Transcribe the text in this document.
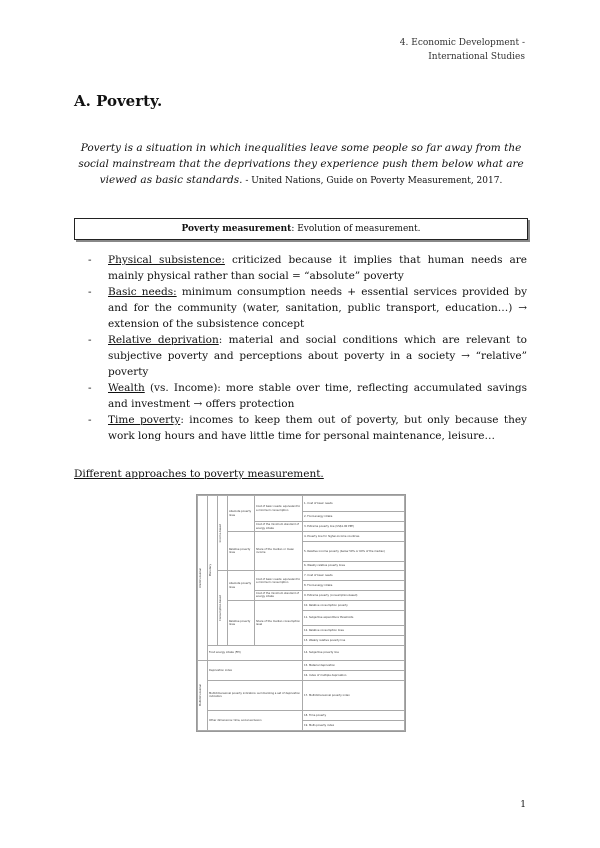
4. Economic Development -
International Studies
A. Poverty.
Poverty is a situation in which inequalities leave some people so far away from the social mainstream that the deprivations they experience push them below what are viewed as basic standards. - United Nations, Guide on Poverty Measurement, 2017.
Poverty measurement: Evolution of measurement.
- Physical subsistence: criticized because it implies that human needs are mainly physical rather than social = “absolute” poverty
- Basic needs: minimum consumption needs + essential services provided by and for the community (water, sanitation, public transport, education…) → extension of the subsistence concept
- Relative deprivation: material and social conditions which are relevant to subjective poverty and perceptions about poverty in a society → “relative” poverty
- Wealth (vs. Income): more stable over time, reflecting accumulated savings and investment → offers protection
- Time poverty: incomes to keep them out of poverty, but only because they work long hours and have little time for personal maintenance, leisure…
Different approaches to poverty measurement.
Unidimensional	Monetary	Income-based	Absolute poverty lines	Cost of basic needs: equivalent to a minimum consumption	1. Cost of basic needs
					2. Food-energy intake
				Cost of the minimum standard of energy intake	3. Extreme poverty line (US$1.90 PPP)
			Relative poverty lines	Share of the median or mean income	4. Poverty line for higher-income countries
					5. Relative income poverty (below 50% or 60% of the median)
					6. Weakly relative poverty lines

		Consumption-based	Absolute poverty lines	Cost of basic needs: equivalent to a minimum consumption	7. Cost of basic needs
					8. Food-energy intake
				Cost of the minimum standard of energy intake	9. Extreme poverty (consumption-based)
			Relative poverty lines	Share of the median consumption level	10. Relative consumption poverty
					11. Subjective expenditure thresholds
					12. Relative consumption lines
					13. Weakly relative poverty line
	Food energy intake (FEI)				14. Subjective poverty line

Multidimensional	Deprivation index				15. Material deprivation
					16. Index of multiple deprivation
	Multidimensional poverty indicators: summarizing a set of deprivation indicators				17. Multidimensional poverty index
	Other dimensions: time, social exclusion				18. Time poverty
					19. Multi-poverty index
1
